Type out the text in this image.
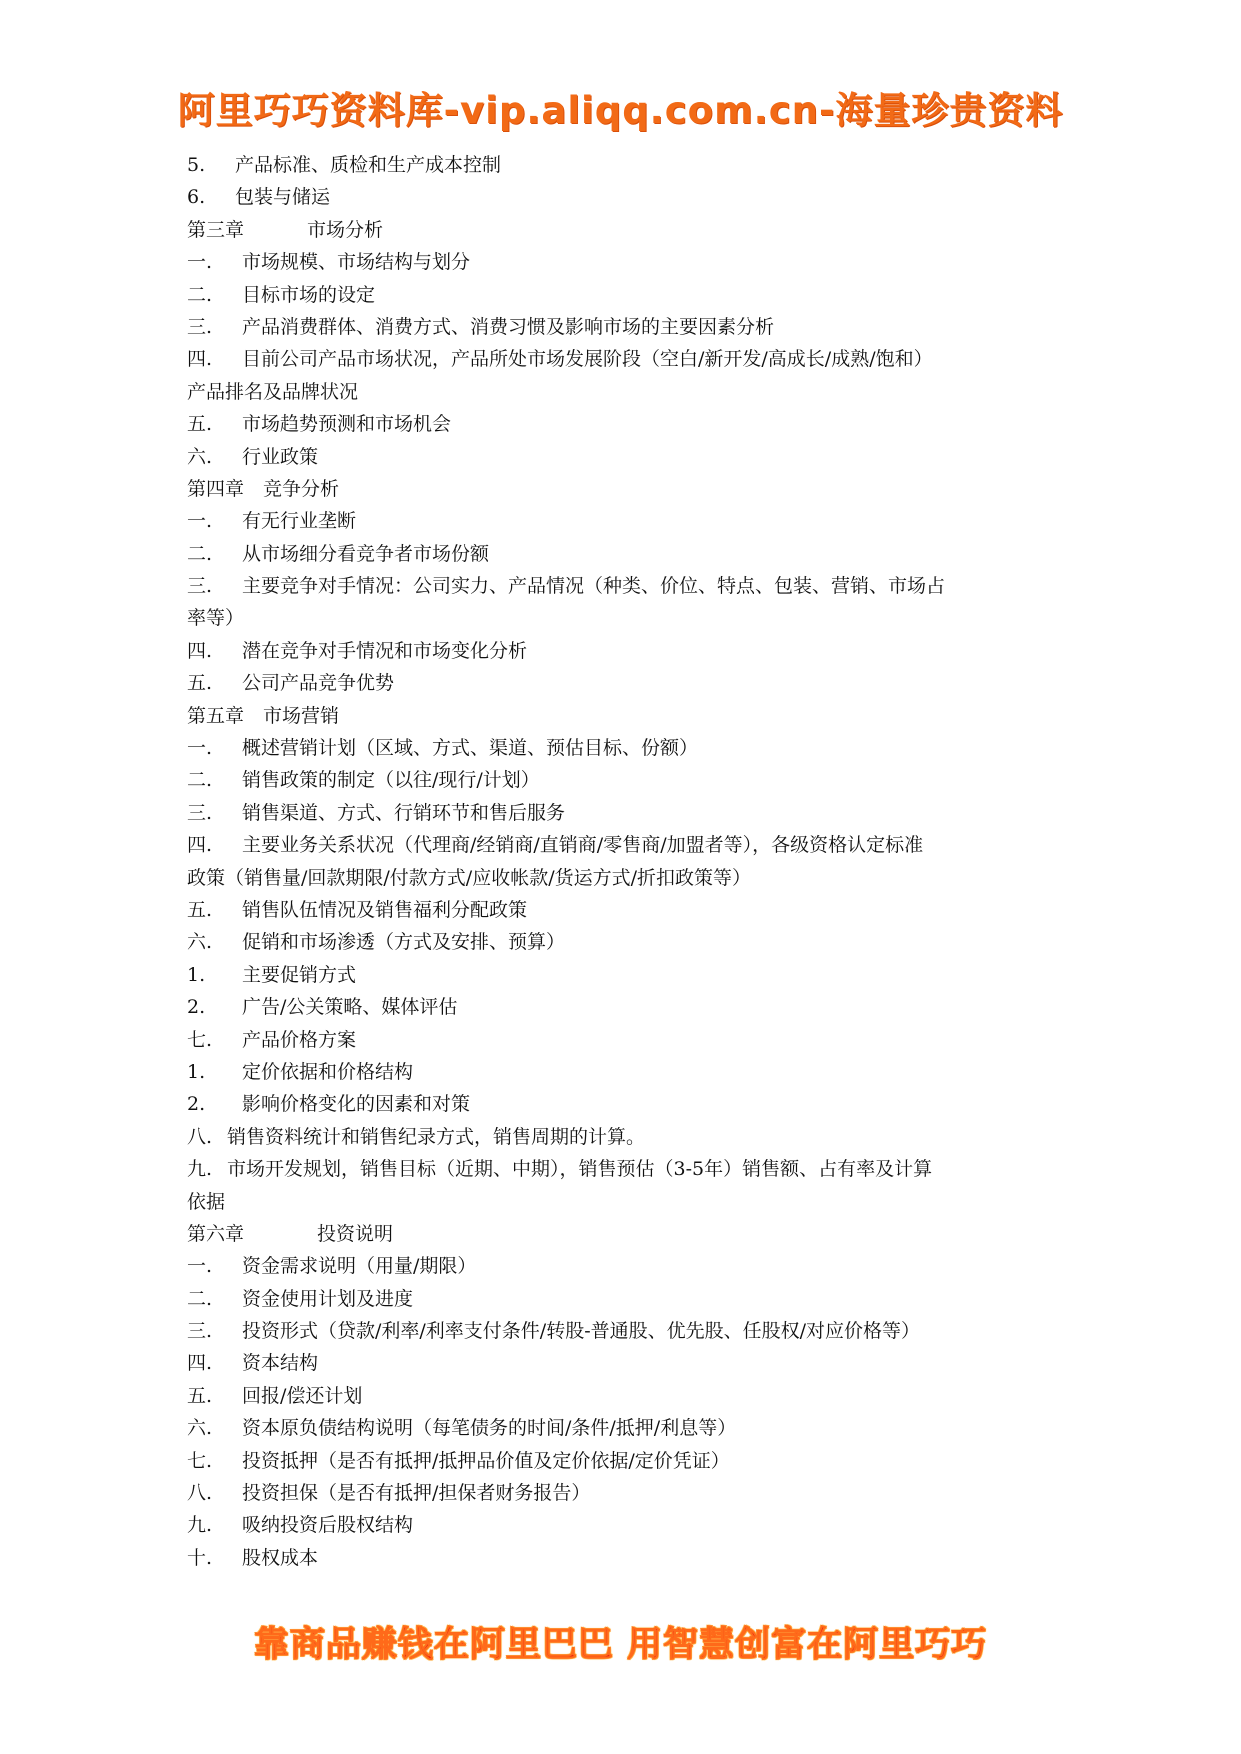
阿里巧巧资料库-vip.aliqq.com.cn-海量珍贵资料
5. 产品标准、质检和生产成本控制
6. 包装与储运
第三章	市场分析
一. 市场规模、市场结构与划分
二. 目标市场的设定
三. 产品消费群体、消费方式、消费习惯及影响市场的主要因素分析
四. 目前公司产品市场状况，产品所处市场发展阶段（空白/新开发/高成长/成熟/饱和）
产品排名及品牌状况
五. 市场趋势预测和市场机会
六. 行业政策
第四章 竞争分析
一. 有无行业垄断
二. 从市场细分看竞争者市场份额
三. 主要竞争对手情况：公司实力、产品情况（种类、价位、特点、包装、营销、市场占
率等）
四. 潜在竞争对手情况和市场变化分析
五. 公司产品竞争优势
第五章 市场营销
一. 概述营销计划（区域、方式、渠道、预估目标、份额）
二. 销售政策的制定（以往/现行/计划）
三. 销售渠道、方式、行销环节和售后服务
四. 主要业务关系状况（代理商/经销商/直销商/零售商/加盟者等），各级资格认定标准
政策（销售量/回款期限/付款方式/应收帐款/货运方式/折扣政策等）
五. 销售队伍情况及销售福利分配政策
六. 促销和市场渗透（方式及安排、预算）
1. 主要促销方式
2. 广告/公关策略、媒体评估
七. 产品价格方案
1. 定价依据和价格结构
2. 影响价格变化的因素和对策
八. 销售资料统计和销售纪录方式，销售周期的计算。
九. 市场开发规划，销售目标（近期、中期），销售预估（3-5年）销售额、占有率及计算
依据
第六章	投资说明
一. 资金需求说明（用量/期限）
二. 资金使用计划及进度
三. 投资形式（贷款/利率/利率支付条件/转股-普通股、优先股、任股权/对应价格等）
四. 资本结构
五. 回报/偿还计划
六. 资本原负债结构说明（每笔债务的时间/条件/抵押/利息等）
七. 投资抵押（是否有抵押/抵押品价值及定价依据/定价凭证）
八. 投资担保（是否有抵押/担保者财务报告）
九. 吸纳投资后股权结构
十. 股权成本
靠商品赚钱在阿里巴巴 用智慧创富在阿里巧巧
